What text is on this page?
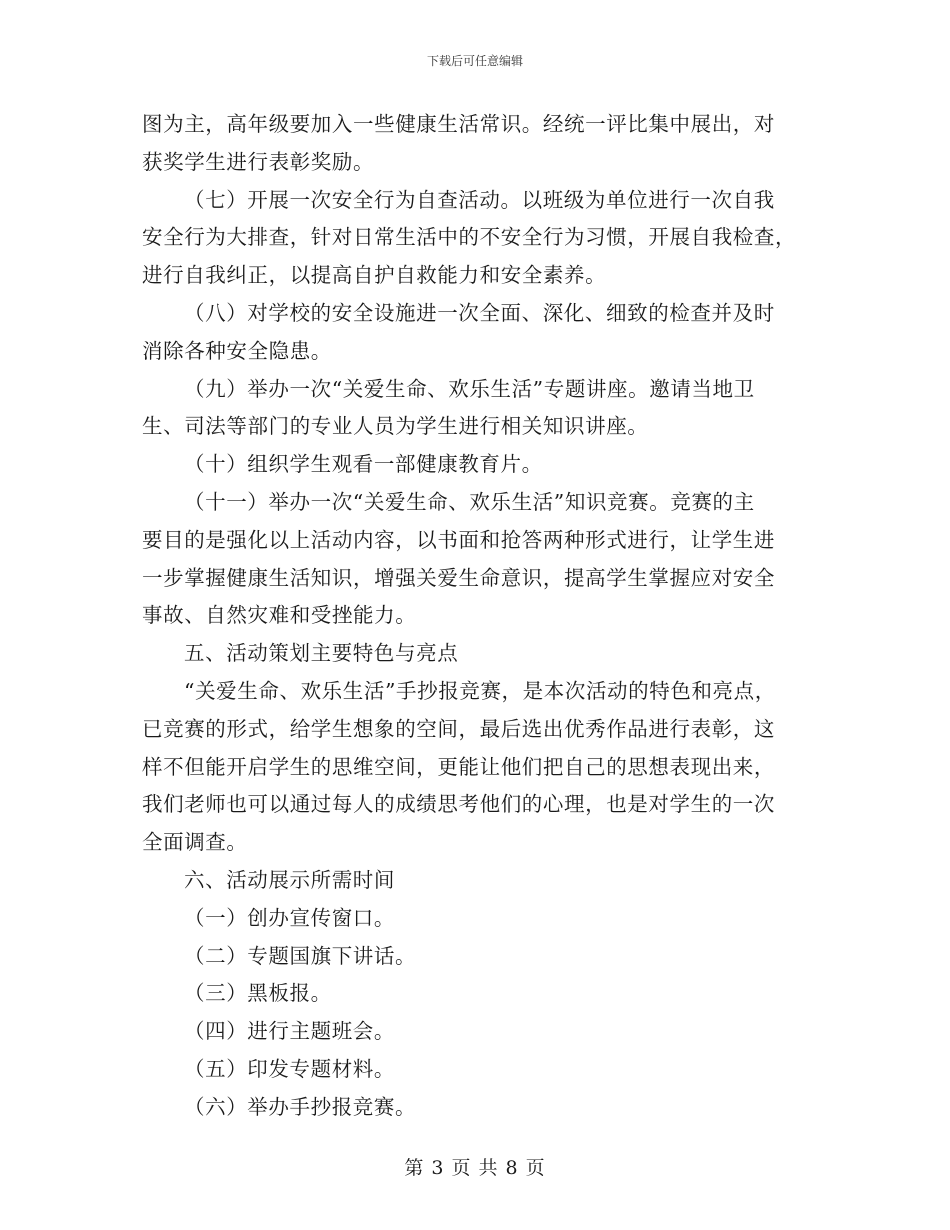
下载后可任意编辑
图为主，高年级要加入一些健康生活常识。经统一评比集中展出，对
获奖学生进行表彰奖励。
（七）开展一次安全行为自查活动。以班级为单位进行一次自我
安全行为大排查，针对日常生活中的不安全行为习惯，开展自我检查，
进行自我纠正，以提高自护自救能力和安全素养。
（八）对学校的安全设施进一次全面、深化、细致的检查并及时
消除各种安全隐患。
（九）举办一次“关爱生命、欢乐生活”专题讲座。邀请当地卫
生、司法等部门的专业人员为学生进行相关知识讲座。
（十）组织学生观看一部健康教育片。
（十一）举办一次“关爱生命、欢乐生活”知识竞赛。竞赛的主
要目的是强化以上活动内容，以书面和抢答两种形式进行，让学生进
一步掌握健康生活知识，增强关爱生命意识，提高学生掌握应对安全
事故、自然灾难和受挫能力。
五、活动策划主要特色与亮点
“关爱生命、欢乐生活”手抄报竞赛，是本次活动的特色和亮点，
已竞赛的形式，给学生想象的空间，最后选出优秀作品进行表彰，这
样不但能开启学生的思维空间，更能让他们把自己的思想表现出来，
我们老师也可以通过每人的成绩思考他们的心理，也是对学生的一次
全面调查。
六、活动展示所需时间
（一）创办宣传窗口。
（二）专题国旗下讲话。
（三）黑板报。
（四）进行主题班会。
（五）印发专题材料。
（六）举办手抄报竞赛。
第 3 页 共 8 页
